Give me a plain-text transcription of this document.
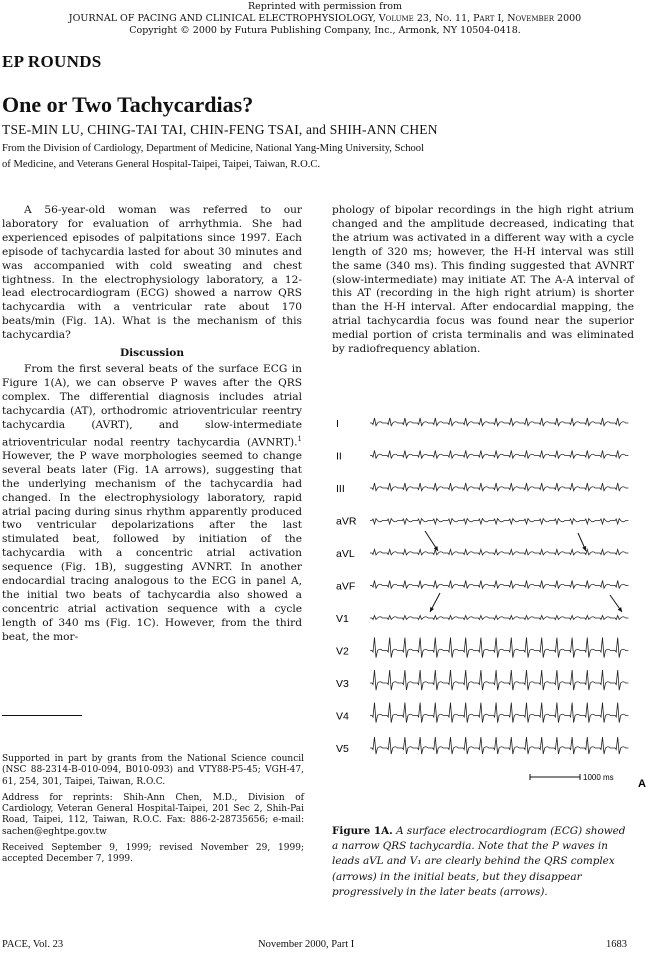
Reprinted with permission from
JOURNAL OF PACING AND CLINICAL ELECTROPHYSIOLOGY, Volume 23, No. 11, Part I, November 2000
Copyright © 2000 by Futura Publishing Company, Inc., Armonk, NY 10504-0418.
EP ROUNDS
One or Two Tachycardias?
TSE-MIN LU, CHING-TAI TAI, CHIN-FENG TSAI, and SHIH-ANN CHEN
From the Division of Cardiology, Department of Medicine, National Yang-Ming University, School
of Medicine, and Veterans General Hospital-Taipei, Taipei, Taiwan, R.O.C.

A 56-year-old woman was referred to our laboratory for evaluation of arrhythmia. She had experienced episodes of palpitations since 1997. Each episode of tachycardia lasted for about 30 minutes and was accompanied with cold sweating and chest tightness. In the electrophysiology laboratory, a 12-lead electrocardiogram (ECG) showed a narrow QRS tachycardia with a ventricular rate about 170 beats/min (Fig. 1A). What is the mechanism of this tachycardia?

Discussion

From the first several beats of the surface ECG in Figure 1(A), we can observe P waves after the QRS complex. The differential diagnosis includes atrial tachycardia (AT), orthodromic atrioventricular reentry tachycardia (AVRT), and slow-intermediate atrioventricular nodal reentry tachycardia (AVNRT).$^1$ However, the P wave morphologies seemed to change several beats later (Fig. 1A arrows), suggesting that the underlying mechanism of the tachycardia had changed. In the electrophysiology laboratory, rapid atrial pacing during sinus rhythm apparently produced two ventricular depolarizations after the last stimulated beat, followed by initiation of the tachycardia with a concentric atrial activation sequence (Fig. 1B), suggesting AVNRT. In another endocardial tracing analogous to the ECG in panel A, the initial two beats of tachycardia also showed a concentric atrial activation sequence with a cycle length of 340 ms (Fig. 1C). However, from the third beat, the mor-

Supported in part by grants from the National Science council (NSC 88-2314-B-010-094, B010-093) and VTY88-P5-45; VGH-47, 61, 254, 301, Taipei, Taiwan, R.O.C.

Address for reprints: Shih-Ann Chen, M.D., Division of Cardiology, Veteran General Hospital-Taipei, 201 Sec 2, Shih-Pai Road, Taipei, 112, Taiwan, R.O.C. Fax: 886-2-28735656; e-mail: sachen@eghtpe.gov.tw

Received September 9, 1999; revised November 29, 1999; accepted December 7, 1999.

phology of bipolar recordings in the high right atrium changed and the amplitude decreased, indicating that the atrium was activated in a different way with a cycle length of 320 ms; however, the H-H interval was still the same (340 ms). This finding suggested that AVNRT (slow-intermediate) may initiate AT. The A-A interval of this AT (recording in the high right atrium) is shorter than the H-H interval. After endocardial mapping, the atrial tachycardia focus was found near the superior medial portion of crista terminalis and was eliminated by radiofrequency ablation.

I
II
III
aVR
aVL
aVF
V1
V2
V3
V4
V5
1000 ms
A
Figure 1A. A surface electrocardiogram (ECG) showed a narrow QRS tachycardia. Note that the P waves in leads aVL and V₁ are clearly behind the QRS complex (arrows) in the initial beats, but they disappear progressively in the later beats (arrows).
PACE, Vol. 23	November 2000, Part I	1683
